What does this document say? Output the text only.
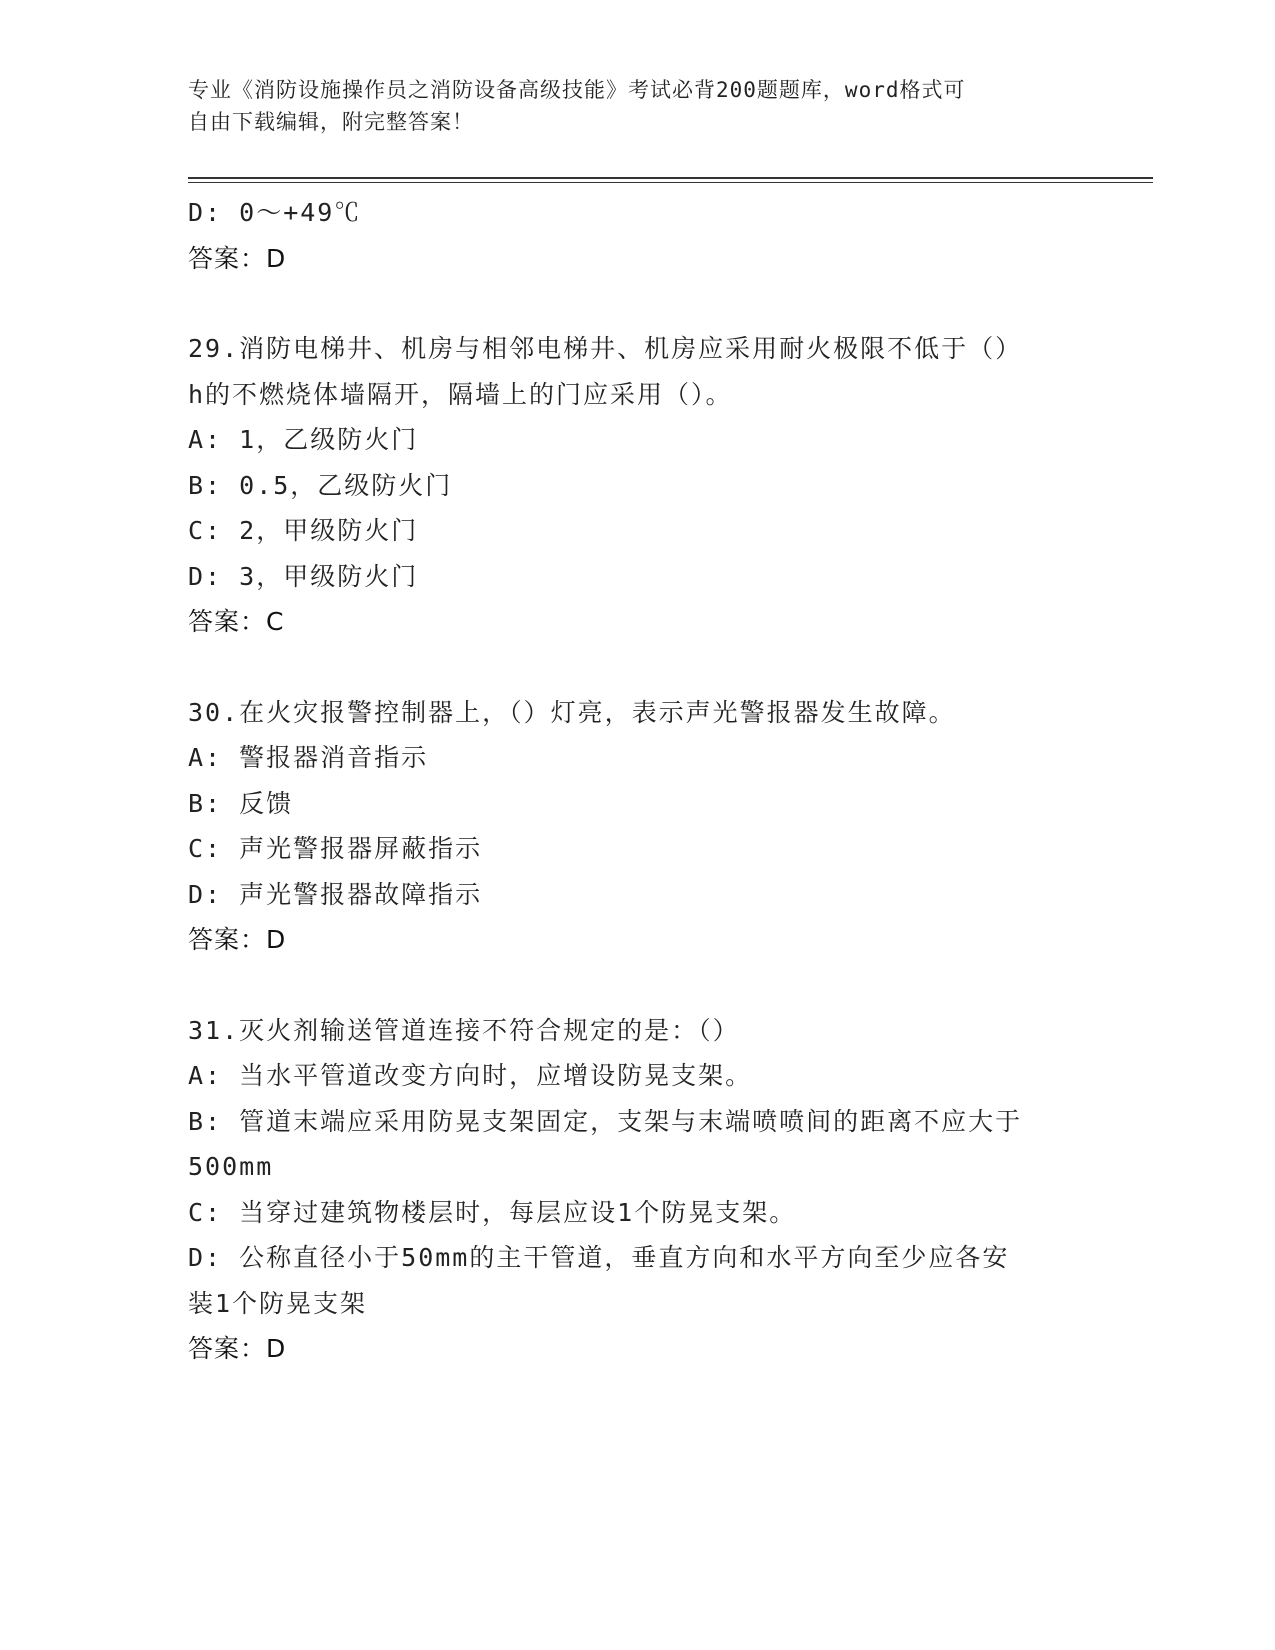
专业《消防设施操作员之消防设备高级技能》考试必背200题题库，word格式可
自由下载编辑，附完整答案！
D: 0～+49℃
答案：D
29.消防电梯井、机房与相邻电梯井、机房应采用耐火极限不低于（）
h的不燃烧体墙隔开，隔墙上的门应采用（）。
A: 1，乙级防火门
B: 0.5，乙级防火门
C: 2，甲级防火门
D: 3，甲级防火门
答案：C
30.在火灾报警控制器上，（）灯亮，表示声光警报器发生故障。
A: 警报器消音指示
B: 反馈
C: 声光警报器屏蔽指示
D: 声光警报器故障指示
答案：D
31.灭火剂输送管道连接不符合规定的是：（）
A: 当水平管道改变方向时，应增设防晃支架。
B: 管道末端应采用防晃支架固定，支架与末端喷喷间的距离不应大于
500mm
C: 当穿过建筑物楼层时，每层应设1个防晃支架。
D: 公称直径小于50mm的主干管道，垂直方向和水平方向至少应各安
装1个防晃支架
答案：D
